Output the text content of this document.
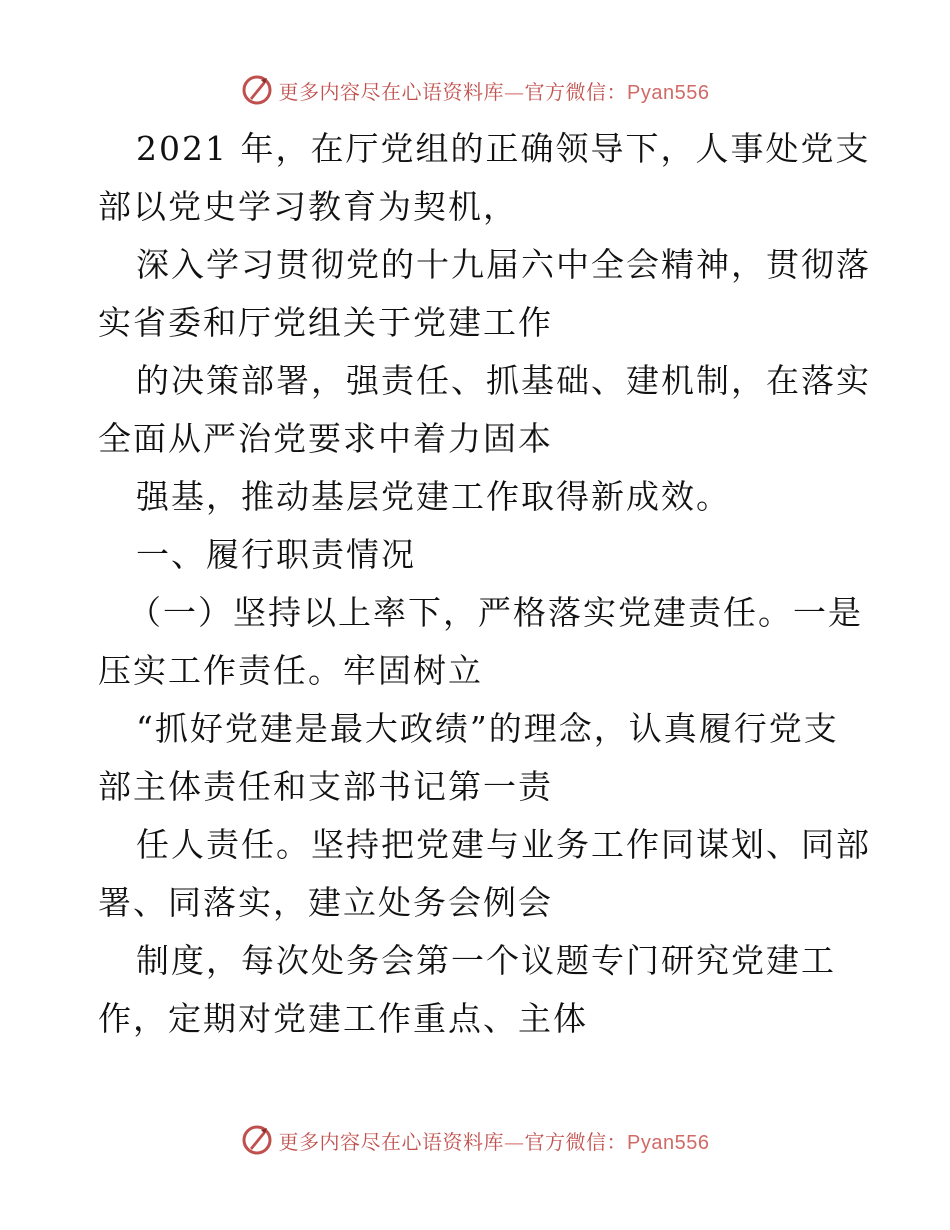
更多内容尽在心语资料库—官方微信：Pyan556
2021 年，在厅党组的正确领导下，人事处党支
部以党史学习教育为契机，
深入学习贯彻党的十九届六中全会精神，贯彻落
实省委和厅党组关于党建工作
的决策部署，强责任、抓基础、建机制，在落实
全面从严治党要求中着力固本
强基，推动基层党建工作取得新成效。
一、履行职责情况
（一）坚持以上率下，严格落实党建责任。一是
压实工作责任。牢固树立
“抓好党建是最大政绩”的理念，认真履行党支
部主体责任和支部书记第一责
任人责任。坚持把党建与业务工作同谋划、同部
署、同落实，建立处务会例会
制度，每次处务会第一个议题专门研究党建工
作，定期对党建工作重点、主体
更多内容尽在心语资料库—官方微信：Pyan556
